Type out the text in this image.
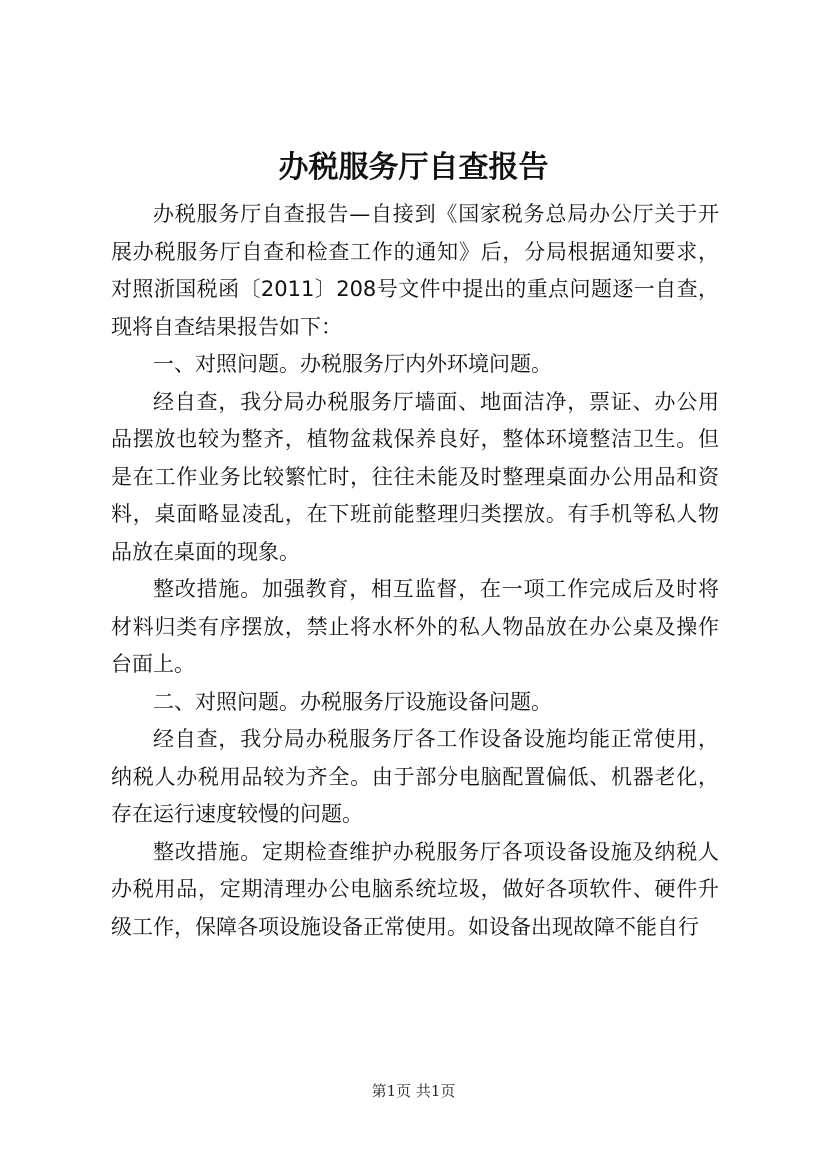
办税服务厅自查报告

办税服务厅自查报告—自接到《国家税务总局办公厅关于开展办税服务厅自查和检查工作的通知》后，分局根据通知要求，对照浙国税函〔2011〕208号文件中提出的重点问题逐一自查，现将自查结果报告如下：

一、对照问题。办税服务厅内外环境问题。

经自查，我分局办税服务厅墙面、地面洁净，票证、办公用品摆放也较为整齐，植物盆栽保养良好，整体环境整洁卫生。但是在工作业务比较繁忙时，往往未能及时整理桌面办公用品和资料，桌面略显凌乱，在下班前能整理归类摆放。有手机等私人物品放在桌面的现象。

整改措施。加强教育，相互监督，在一项工作完成后及时将材料归类有序摆放，禁止将水杯外的私人物品放在办公桌及操作台面上。

二、对照问题。办税服务厅设施设备问题。

经自查，我分局办税服务厅各工作设备设施均能正常使用，纳税人办税用品较为齐全。由于部分电脑配置偏低、机器老化，存在运行速度较慢的问题。

整改措施。定期检查维护办税服务厅各项设备设施及纳税人办税用品，定期清理办公电脑系统垃圾，做好各项软件、硬件升级工作，保障各项设施设备正常使用。如设备出现故障不能自行

第1页 共1页
